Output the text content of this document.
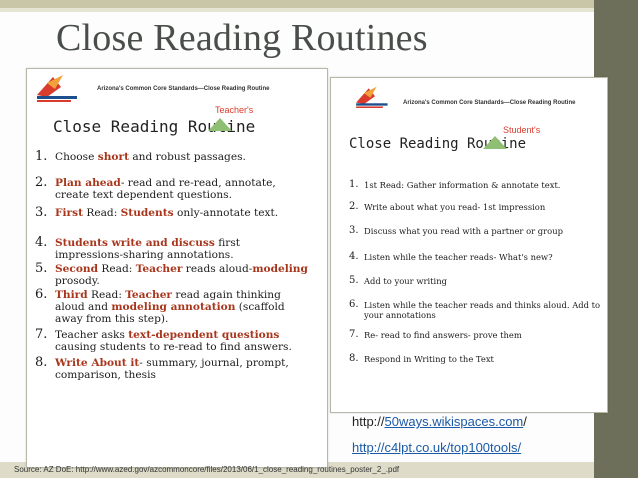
Close Reading Routines
Arizona's Common Core Standards—Close Reading Routine
Teacher's
Close Reading Routine
1. Choose short and robust passages.
2. Plan ahead- read and re-read, annotate, create text dependent questions.
3. First Read: Students only-annotate text.
4. Students write and discuss first impressions-sharing annotations.
5. Second Read: Teacher reads aloud-modeling prosody.
6. Third Read: Teacher read again thinking aloud and modeling annotation (scaffold away from this step).
7. Teacher asks text-dependent questions causing students to re-read to find answers.
8. Write About it- summary, journal, prompt, comparison, thesis
Arizona's Common Core Standards—Close Reading Routine
Student's
Close Reading Routine
1. 1st Read: Gather information & annotate text.
2. Write about what you read- 1st impression
3. Discuss what you read with a partner or group
4. Listen while the teacher reads- What's new?
5. Add to your writing
6. Listen while the teacher reads and thinks aloud. Add to your annotations
7. Re- read to find answers- prove them
8. Respond in Writing to the Text
http://50ways.wikispaces.com/
http://c4lpt.co.uk/top100tools/
Source: AZ DoE: http://www.azed.gov/azcommoncore/files/2013/06/1_close_reading_routines_poster_2_.pdf
